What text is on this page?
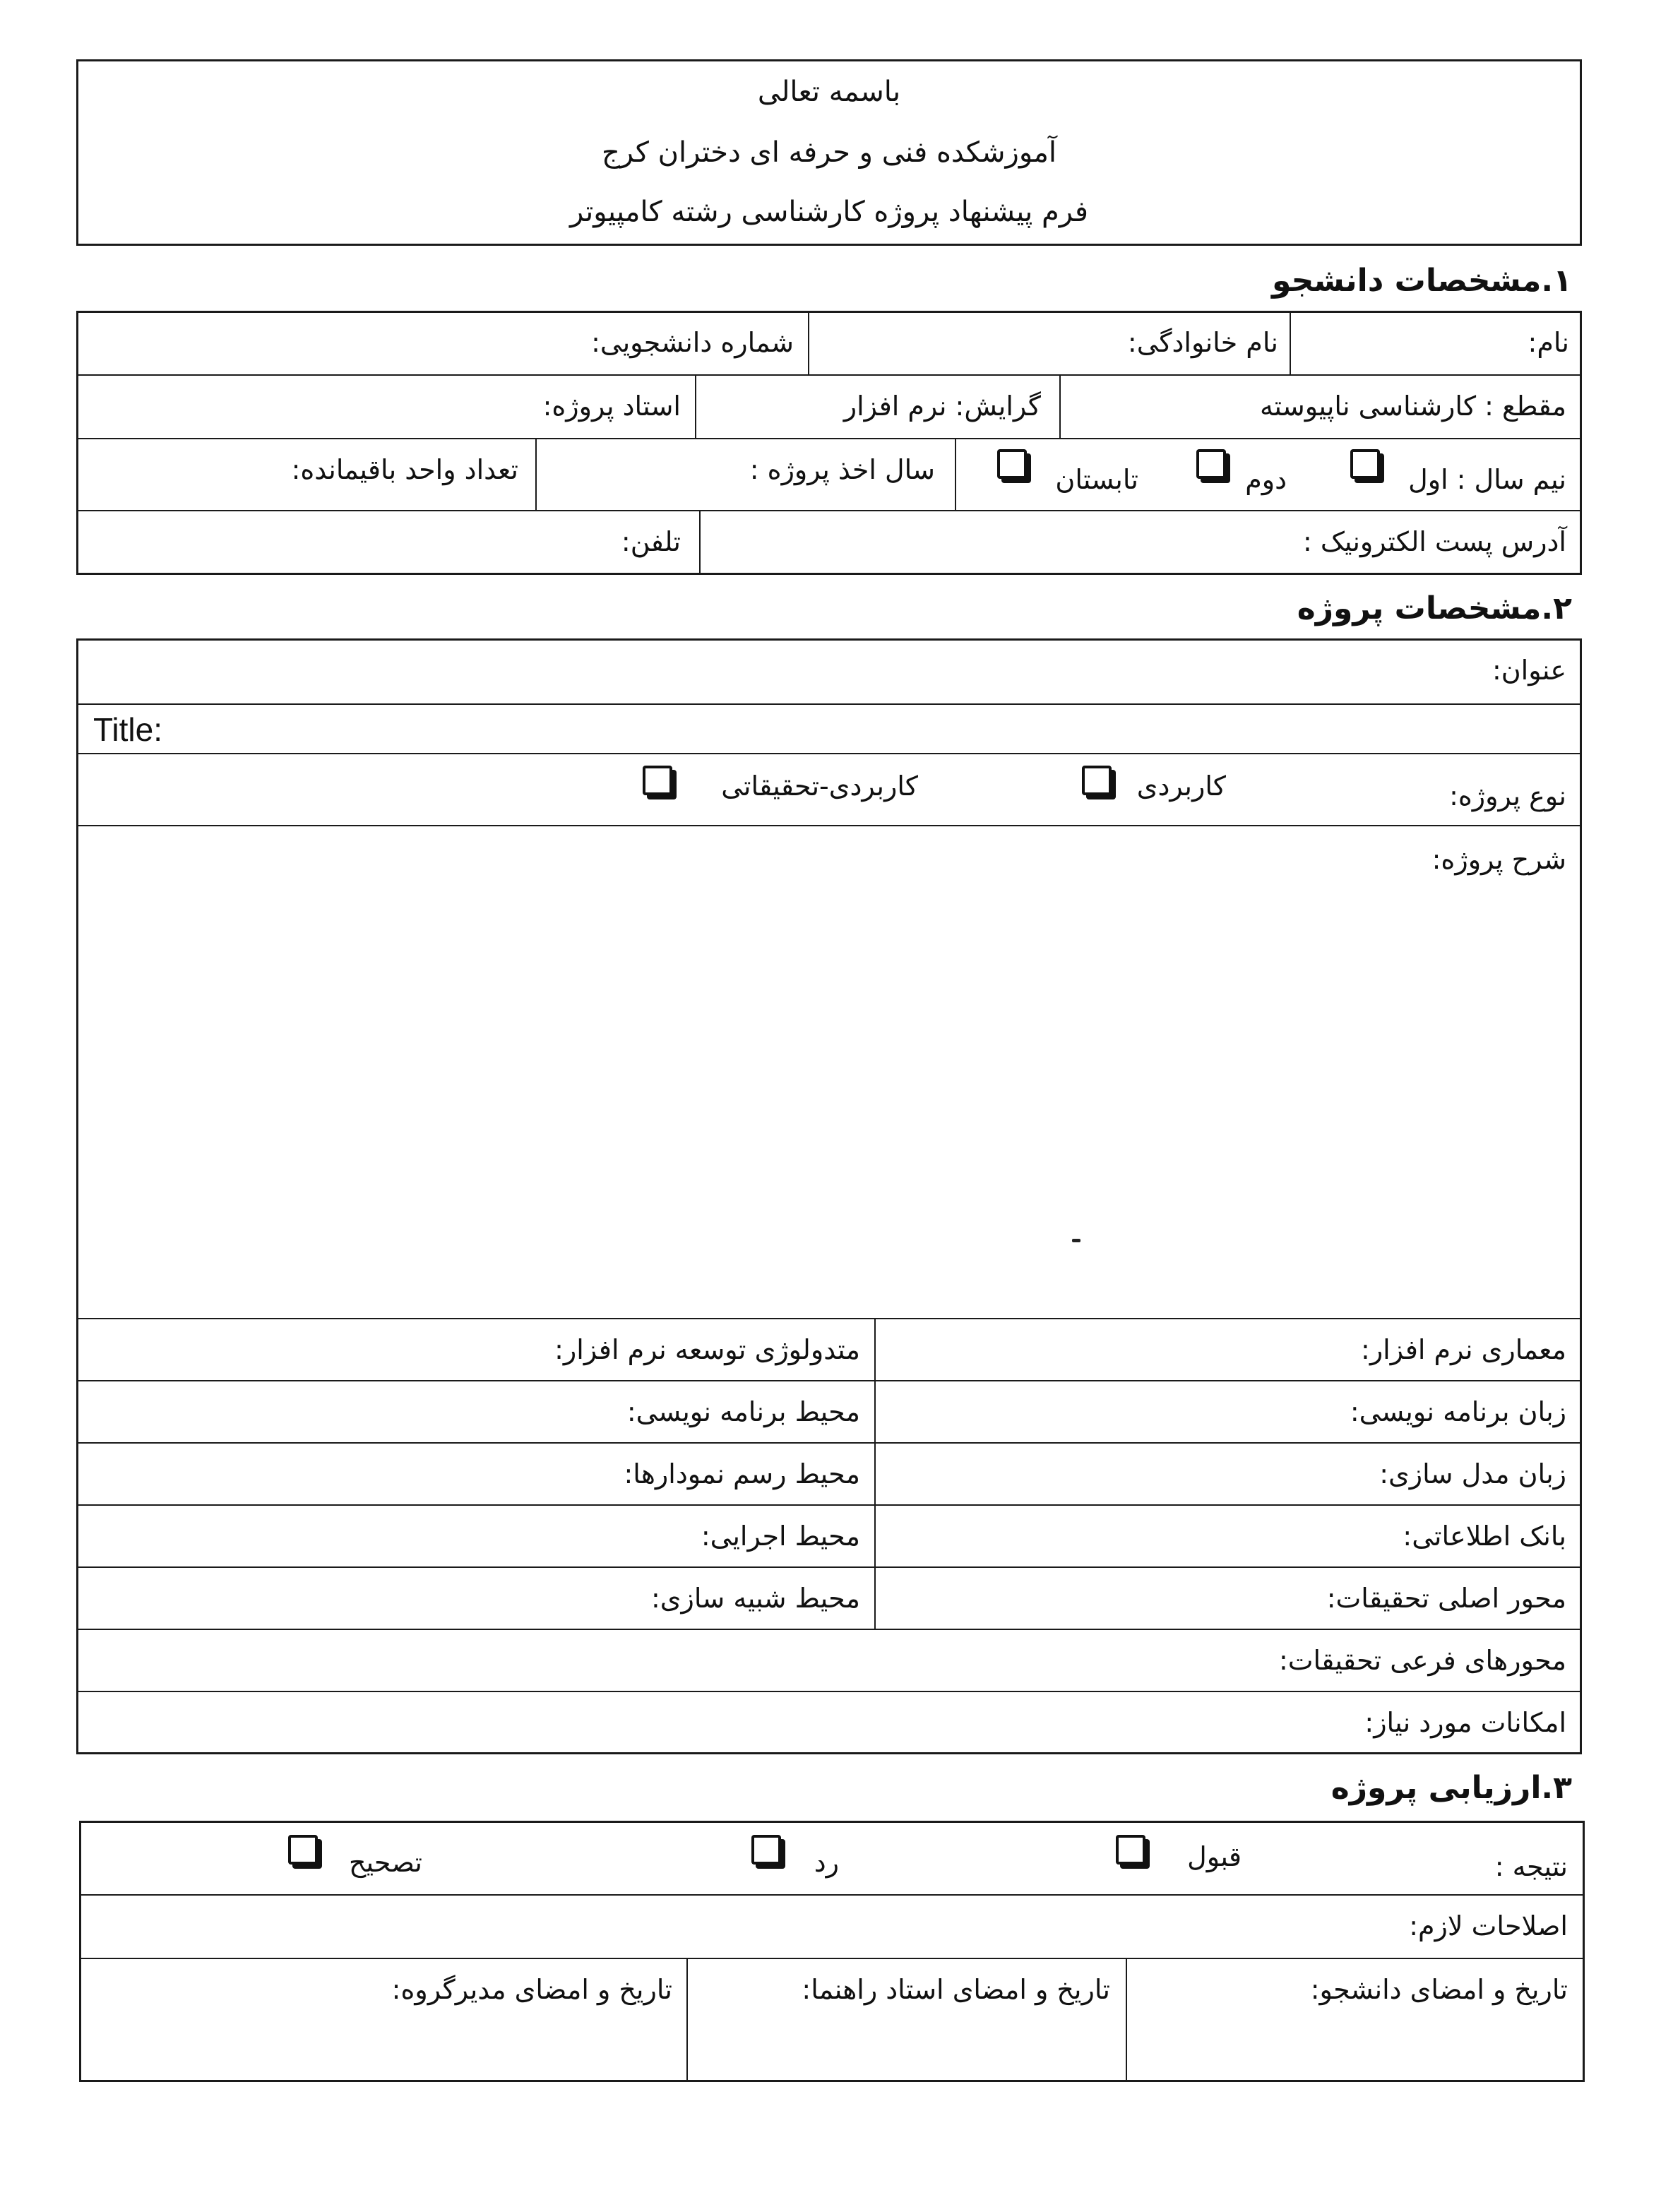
باسمه تعالی
آموزشکده فنی و حرفه ای دختران کرج
فرم پیشنهاد پروژه کارشناسی رشته کامپیوتر
۱.مشخصات دانشجو
نام:
نام خانوادگی:
شماره دانشجویی:
مقطع : کارشناسی ناپیوسته
گرایش: نرم افزار
استاد پروژه:
نیم سال : اول
دوم
تابستان
سال اخذ پروژه :
تعداد واحد باقیمانده:
آدرس پست الکترونیک :
تلفن:
۲.مشخصات پروژه
عنوان:
Title:
نوع پروژه:
کاربردی
کاربردی-تحقیقاتی
شرح پروژه:
معماری نرم افزار:
متدولوژی توسعه نرم افزار:
زبان برنامه نویسی:
محیط برنامه نویسی:
زبان مدل سازی:
محیط رسم نمودارها:
بانک اطلاعاتی:
محیط اجرایی:
محور اصلی تحقیقات:
محیط شبیه سازی:
محورهای فرعی تحقیقات:
امکانات مورد نیاز:
۳.ارزیابی پروژه
نتیجه :
قبول
رد
تصحیح
اصلاحات لازم:
تاریخ و امضای دانشجو:
تاریخ و امضای استاد راهنما:
تاریخ و امضای مدیرگروه:
